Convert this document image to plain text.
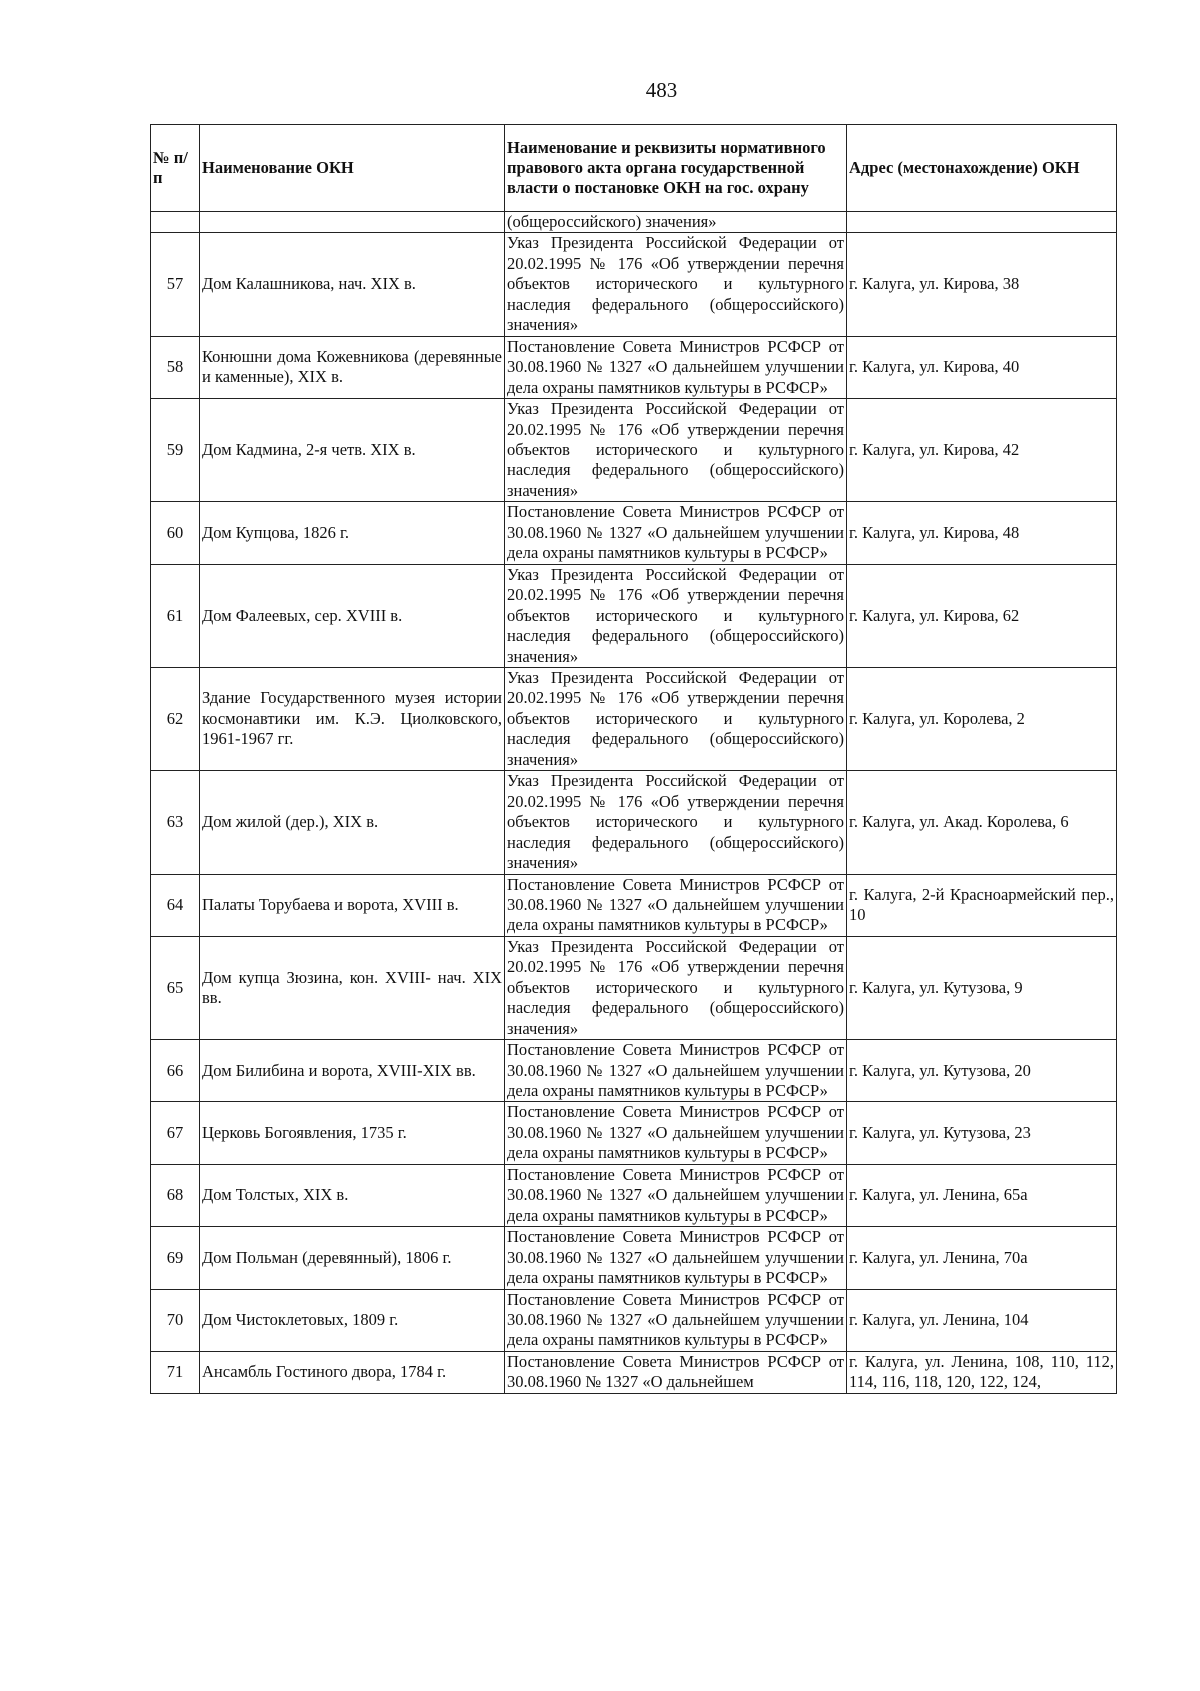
483
№ п/п	Наименование ОКН	Наименование и реквизиты нормативного правового акта органа государственной власти о постановке ОКН на гос. охрану	Адрес (местонахождение) ОКН
		(общероссийского) значения»	
57	Дом Калашникова, нач. XIX в.	Указ Президента Российской Федерации от 20.02.1995 № 176 «Об утверждении перечня объектов исторического и культурного наследия федерального (общероссийского) значения»	г. Калуга, ул. Кирова, 38
58	Конюшни дома Кожевникова (деревянные и каменные), XIX в.	Постановление Совета Министров РСФСР от 30.08.1960 № 1327 «О дальнейшем улучшении дела охраны памятников культуры в РСФСР»	г. Калуга, ул. Кирова, 40
59	Дом Кадмина, 2-я четв. XIX в.	Указ Президента Российской Федерации от 20.02.1995 № 176 «Об утверждении перечня объектов исторического и культурного наследия федерального (общероссийского) значения»	г. Калуга, ул. Кирова, 42
60	Дом Купцова, 1826 г.	Постановление Совета Министров РСФСР от 30.08.1960 № 1327 «О дальнейшем улучшении дела охраны памятников культуры в РСФСР»	г. Калуга, ул. Кирова, 48
61	Дом Фалеевых, сер. XVIII в.	Указ Президента Российской Федерации от 20.02.1995 № 176 «Об утверждении перечня объектов исторического и культурного наследия федерального (общероссийского) значения»	г. Калуга, ул. Кирова, 62
62	Здание Государственного музея истории космонавтики им. К.Э. Циолковского, 1961-1967 гг.	Указ Президента Российской Федерации от 20.02.1995 № 176 «Об утверждении перечня объектов исторического и культурного наследия федерального (общероссийского) значения»	г. Калуга, ул. Королева, 2
63	Дом жилой (дер.), XIX в.	Указ Президента Российской Федерации от 20.02.1995 № 176 «Об утверждении перечня объектов исторического и культурного наследия федерального (общероссийского) значения»	г. Калуга, ул. Акад. Королева, 6
64	Палаты Торубаева и ворота, XVIII в.	Постановление Совета Министров РСФСР от 30.08.1960 № 1327 «О дальнейшем улучшении дела охраны памятников культуры в РСФСР»	г. Калуга, 2-й Красноармейский пер., 10
65	Дом купца Зюзина, кон. XVIII- нач. XIX вв.	Указ Президента Российской Федерации от 20.02.1995 № 176 «Об утверждении перечня объектов исторического и культурного наследия федерального (общероссийского) значения»	г. Калуга, ул. Кутузова, 9
66	Дом Билибина и ворота, XVIII-XIX вв.	Постановление Совета Министров РСФСР от 30.08.1960 № 1327 «О дальнейшем улучшении дела охраны памятников культуры в РСФСР»	г. Калуга, ул. Кутузова, 20
67	Церковь Богоявления, 1735 г.	Постановление Совета Министров РСФСР от 30.08.1960 № 1327 «О дальнейшем улучшении дела охраны памятников культуры в РСФСР»	г. Калуга, ул. Кутузова, 23
68	Дом Толстых, XIX в.	Постановление Совета Министров РСФСР от 30.08.1960 № 1327 «О дальнейшем улучшении дела охраны памятников культуры в РСФСР»	г. Калуга, ул. Ленина, 65а
69	Дом Польман (деревянный), 1806 г.	Постановление Совета Министров РСФСР от 30.08.1960 № 1327 «О дальнейшем улучшении дела охраны памятников культуры в РСФСР»	г. Калуга, ул. Ленина, 70а
70	Дом Чистоклетовых, 1809 г.	Постановление Совета Министров РСФСР от 30.08.1960 № 1327 «О дальнейшем улучшении дела охраны памятников культуры в РСФСР»	г. Калуга, ул. Ленина, 104
71	Ансамбль Гостиного двора, 1784 г.	Постановление Совета Министров РСФСР от 30.08.1960 № 1327 «О дальнейшем	г. Калуга, ул. Ленина, 108, 110, 112, 114, 116, 118, 120, 122, 124,
